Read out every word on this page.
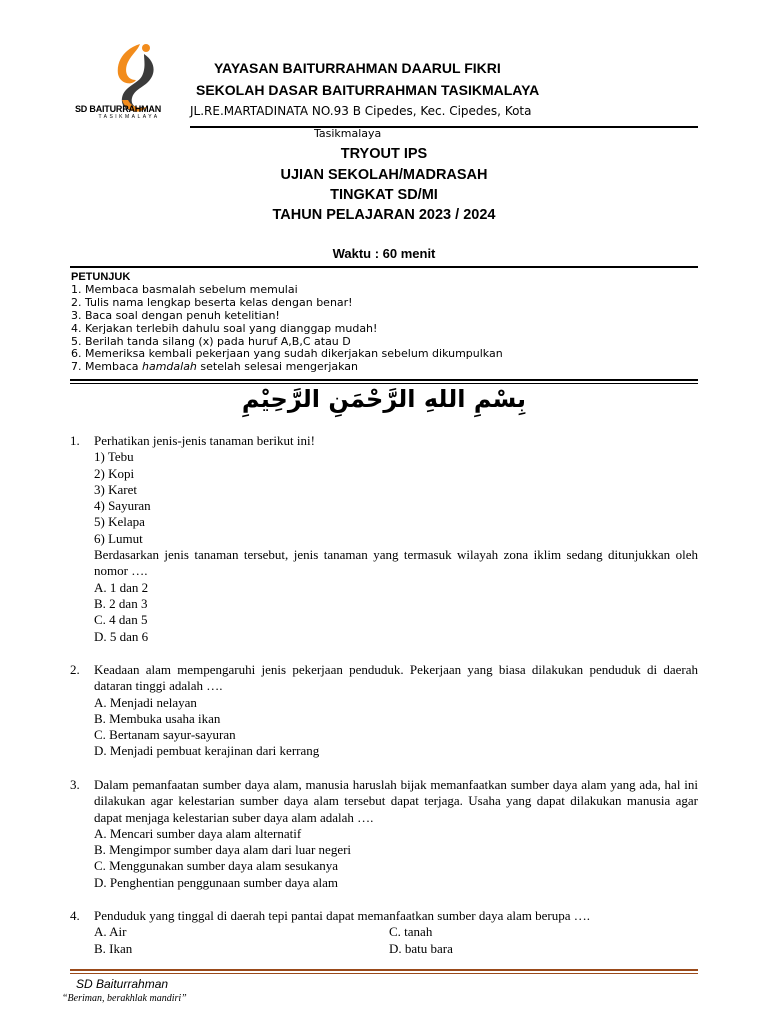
SD BAITURRAHMAN
TASIKMALAYA
YAYASAN BAITURRAHMAN DAARUL FIKRI
SEKOLAH DASAR BAITURRAHMAN TASIKMALAYA
JL.RE.MARTADINATA NO.93 B Cipedes, Kec. Cipedes, Kota
Tasikmalaya
TRYOUT IPS
UJIAN SEKOLAH/MADRASAH
TINGKAT SD/MI
TAHUN PELAJARAN 2023 / 2024
Waktu : 60 menit
PETUNJUK
1. Membaca basmalah sebelum memulai
2. Tulis nama lengkap beserta kelas dengan benar!
3. Baca soal dengan penuh ketelitian!
4. Kerjakan terlebih dahulu soal yang dianggap mudah!
5. Berilah tanda silang (x) pada huruf A,B,C atau D
6. Memeriksa kembali pekerjaan yang sudah dikerjakan sebelum dikumpulkan
7. Membaca hamdalah setelah selesai mengerjakan
بِسْمِ اللهِ الرَّحْمَنِ الرَّحِيْمِ
1. Perhatikan jenis-jenis tanaman berikut ini!
1) Tebu
2) Kopi
3) Karet
4) Sayuran
5) Kelapa
6) Lumut
Berdasarkan jenis tanaman tersebut, jenis tanaman yang termasuk wilayah zona iklim sedang ditunjukkan oleh nomor ….
A. 1 dan 2
B. 2 dan 3
C. 4 dan 5
D. 5 dan 6
2. Keadaan alam mempengaruhi jenis pekerjaan penduduk. Pekerjaan yang biasa dilakukan penduduk di daerah dataran tinggi adalah ….
A. Menjadi nelayan
B. Membuka usaha ikan
C. Bertanam sayur-sayuran
D. Menjadi pembuat kerajinan dari kerrang
3. Dalam pemanfaatan sumber daya alam, manusia haruslah bijak memanfaatkan sumber daya alam yang ada, hal ini dilakukan agar kelestarian sumber daya alam tersebut dapat terjaga. Usaha yang dapat dilakukan manusia agar dapat menjaga kelestarian suber daya alam adalah ….
A. Mencari sumber daya alam alternatif
B. Mengimpor sumber daya alam dari luar negeri
C. Menggunakan sumber daya alam sesukanya
D. Penghentian penggunaan sumber daya alam
4. Penduduk yang tinggal di daerah tepi pantai dapat memanfaatkan sumber daya alam berupa ….
A. Air	C. tanah
B. Ikan	D. batu bara
SD Baiturrahman
“Beriman, berakhlak mandiri”
